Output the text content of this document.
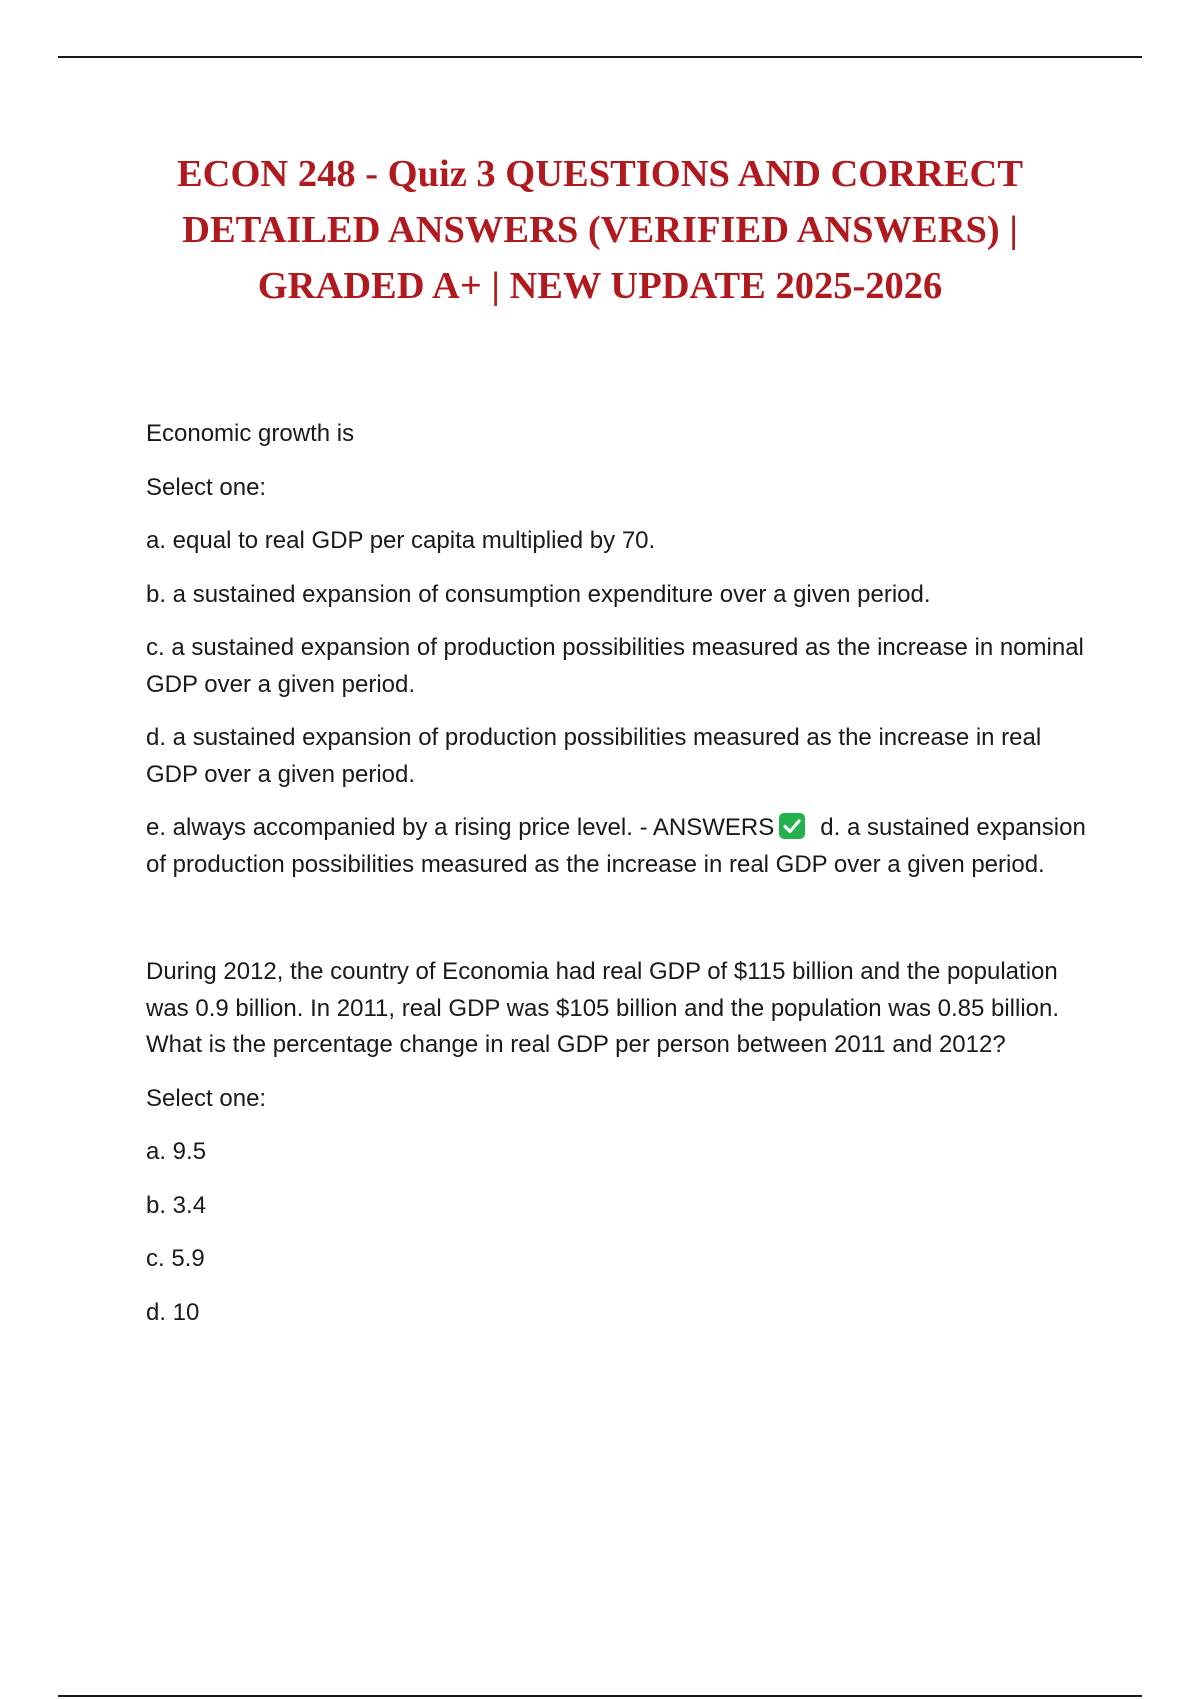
ECON 248 - Quiz 3 QUESTIONS AND CORRECT DETAILED ANSWERS (VERIFIED ANSWERS) | GRADED A+ | NEW UPDATE 2025-2026

Economic growth is

Select one:

a. equal to real GDP per capita multiplied by 70.

b. a sustained expansion of consumption expenditure over a given period.

c. a sustained expansion of production possibilities measured as the increase in nominal GDP over a given period.

d. a sustained expansion of production possibilities measured as the increase in real GDP over a given period.

e. always accompanied by a rising price level. - ANSWERS d. a sustained expansion of production possibilities measured as the increase in real GDP over a given period.

During 2012, the country of Economia had real GDP of $115 billion and the population was 0.9 billion. In 2011, real GDP was $105 billion and the population was 0.85 billion. What is the percentage change in real GDP per person between 2011 and 2012?

Select one:

a. 9.5

b. 3.4

c. 5.9

d. 10
